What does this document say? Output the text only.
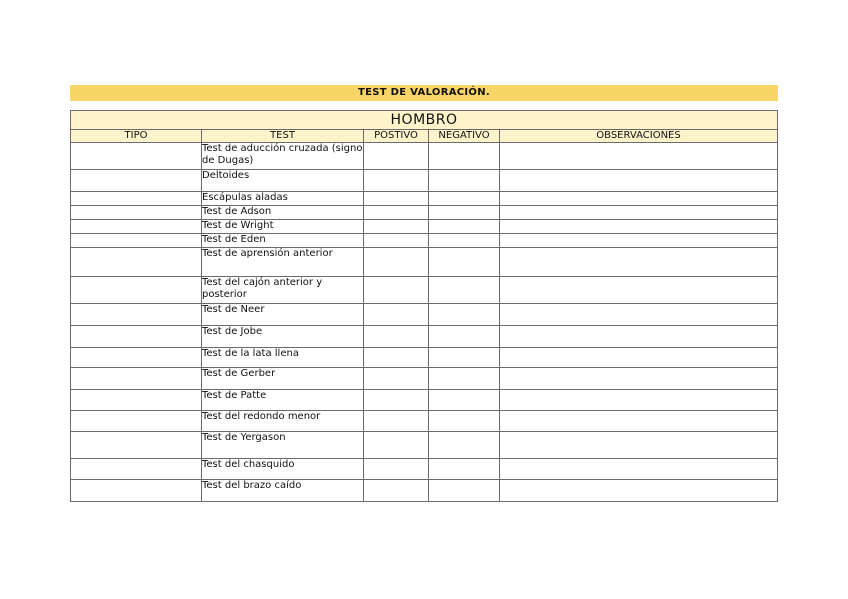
TEST DE VALORACIÓN.
HOMBRO				
TIPO	TEST	POSTIVO	NEGATIVO	OBSERVACIONES
	Test de aducción cruzada (signo de Dugas)			
	Deltoides			
	Escápulas aladas			
	Test de Adson			
	Test de Wright			
	Test de Eden			
	Test de aprensión anterior			
	Test del cajón anterior y posterior			
	Test de Neer			
	Test de Jobe			
	Test de la lata llena			
	Test de Gerber			
	Test de Patte			
	Test del redondo menor			
	Test de Yergason			
	Test del chasquido			
	Test del brazo caído			
